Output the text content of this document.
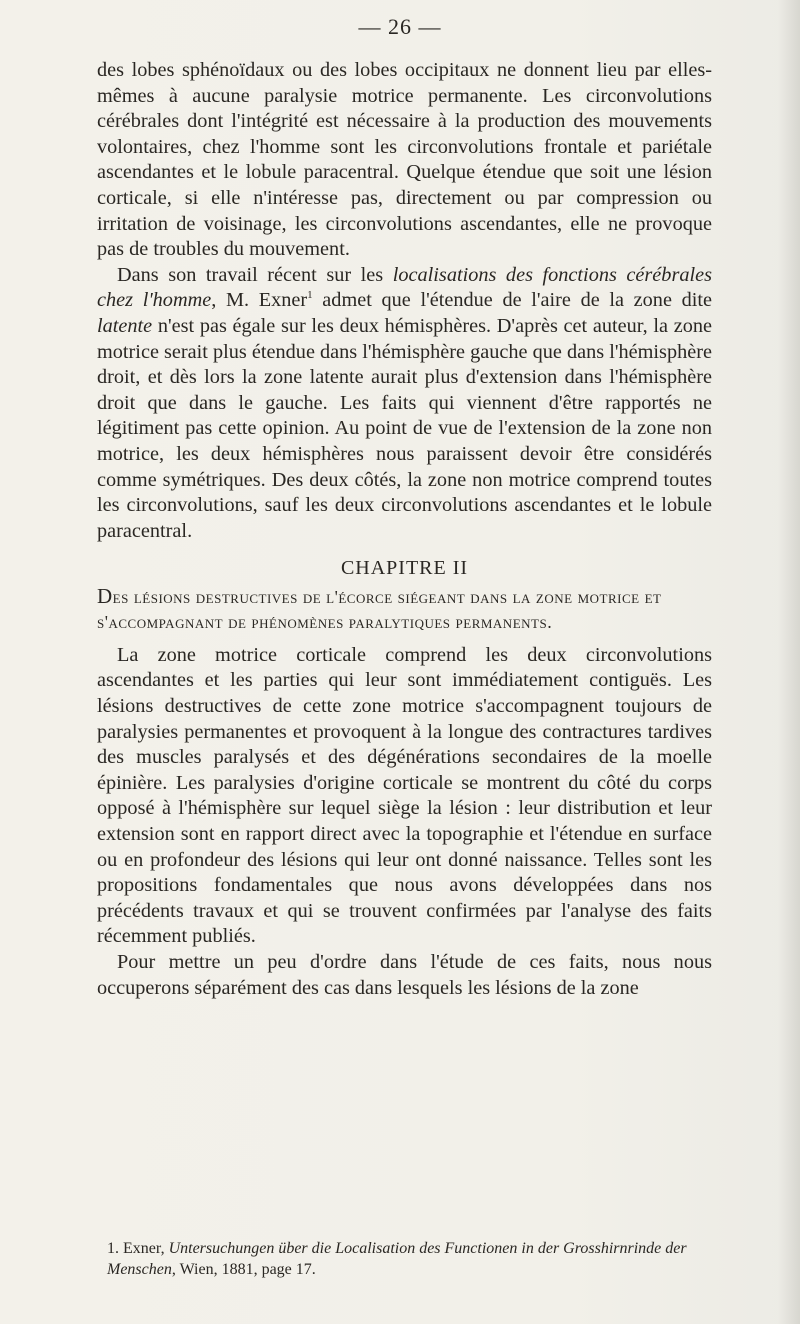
— 26 —

des lobes sphénoïdaux ou des lobes occipitaux ne donnent lieu par elles-mêmes à aucune paralysie motrice permanente. Les circonvolutions cérébrales dont l'intégrité est nécessaire à la production des mouvements volontaires, chez l'homme sont les circonvolutions frontale et pariétale ascendantes et le lobule paracentral. Quelque étendue que soit une lésion corticale, si elle n'intéresse pas, directement ou par compression ou irritation de voisinage, les circonvolutions ascendantes, elle ne provoque pas de troubles du mouvement.

Dans son travail récent sur les localisations des fonctions cérébrales chez l'homme, M. Exner$^1$ admet que l'étendue de l'aire de la zone dite latente n'est pas égale sur les deux hémisphères. D'après cet auteur, la zone motrice serait plus étendue dans l'hémisphère gauche que dans l'hémisphère droit, et dès lors la zone latente aurait plus d'extension dans l'hémisphère droit que dans le gauche. Les faits qui viennent d'être rapportés ne légitiment pas cette opinion. Au point de vue de l'extension de la zone non motrice, les deux hémisphères nous paraissent devoir être considérés comme symétriques. Des deux côtés, la zone non motrice comprend toutes les circonvolutions, sauf les deux circonvolutions ascendantes et le lobule paracentral.

CHAPITRE II
Des lésions destructives de l'écorce siégeant dans la zone motrice et s'accompagnant de phénomènes paralytiques permanents.

La zone motrice corticale comprend les deux circonvolutions ascendantes et les parties qui leur sont immédiatement contiguës. Les lésions destructives de cette zone motrice s'accompagnent toujours de paralysies permanentes et provoquent à la longue des contractures tardives des muscles paralysés et des dégénérations secondaires de la moelle épinière. Les paralysies d'origine corticale se montrent du côté du corps opposé à l'hémisphère sur lequel siège la lésion : leur distribution et leur extension sont en rapport direct avec la topographie et l'étendue en surface ou en profondeur des lésions qui leur ont donné naissance. Telles sont les propositions fondamentales que nous avons développées dans nos précédents travaux et qui se trouvent confirmées par l'analyse des faits récemment publiés.

Pour mettre un peu d'ordre dans l'étude de ces faits, nous nous occuperons séparément des cas dans lesquels les lésions de la zone

1. Exner, Untersuchungen über die Localisation des Functionen in der Grosshirnrinde der Menschen, Wien, 1881, page 17.
